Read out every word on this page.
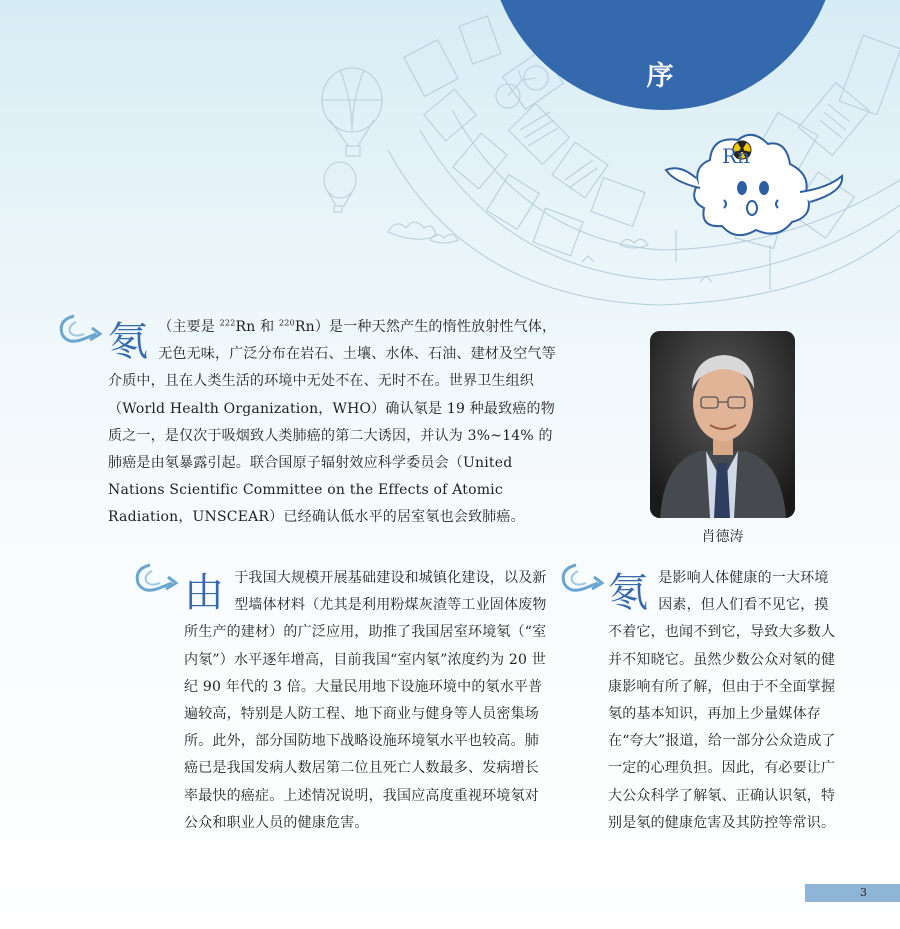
序
Rn

氡 （主要是 $^{222}$Rn 和 $^{220}$Rn）是一种天然产生的惰性放射性气体，无色无味，广泛分布在岩石、土壤、水体、石油、建材及空气等介质中，且在人类生活的环境中无处不在、无时不在。世界卫生组织（World Health Organization，WHO）确认氡是 19 种最致癌的物质之一，是仅次于吸烟致人类肺癌的第二大诱因，并认为 3%~14% 的肺癌是由氡暴露引起。联合国原子辐射效应科学委员会（United Nations Scientific Committee on the Effects of Atomic Radiation，UNSCEAR）已经确认低水平的居室氡也会致肺癌。

肖德涛

由于我国大规模开展基础建设和城镇化建设，以及新型墙体材料（尤其是利用粉煤灰渣等工业固体废物所生产的建材）的广泛应用，助推了我国居室环境氡（“室内氡”）水平逐年增高，目前我国“室内氡”浓度约为 20 世纪 90 年代的 3 倍。大量民用地下设施环境中的氡水平普遍较高，特别是人防工程、地下商业与健身等人员密集场所。此外，部分国防地下战略设施环境氡水平也较高。肺癌已是我国发病人数居第二位且死亡人数最多、发病增长率最快的癌症。上述情况说明，我国应高度重视环境氡对公众和职业人员的健康危害。

氡是影响人体健康的一大环境因素，但人们看不见它，摸不着它，也闻不到它，导致大多数人并不知晓它。虽然少数公众对氡的健康影响有所了解，但由于不全面掌握氡的基本知识，再加上少量媒体存在“夸大”报道，给一部分公众造成了一定的心理负担。因此，有必要让广大公众科学了解氡、正确认识氡，特别是氡的健康危害及其防控等常识。

3
